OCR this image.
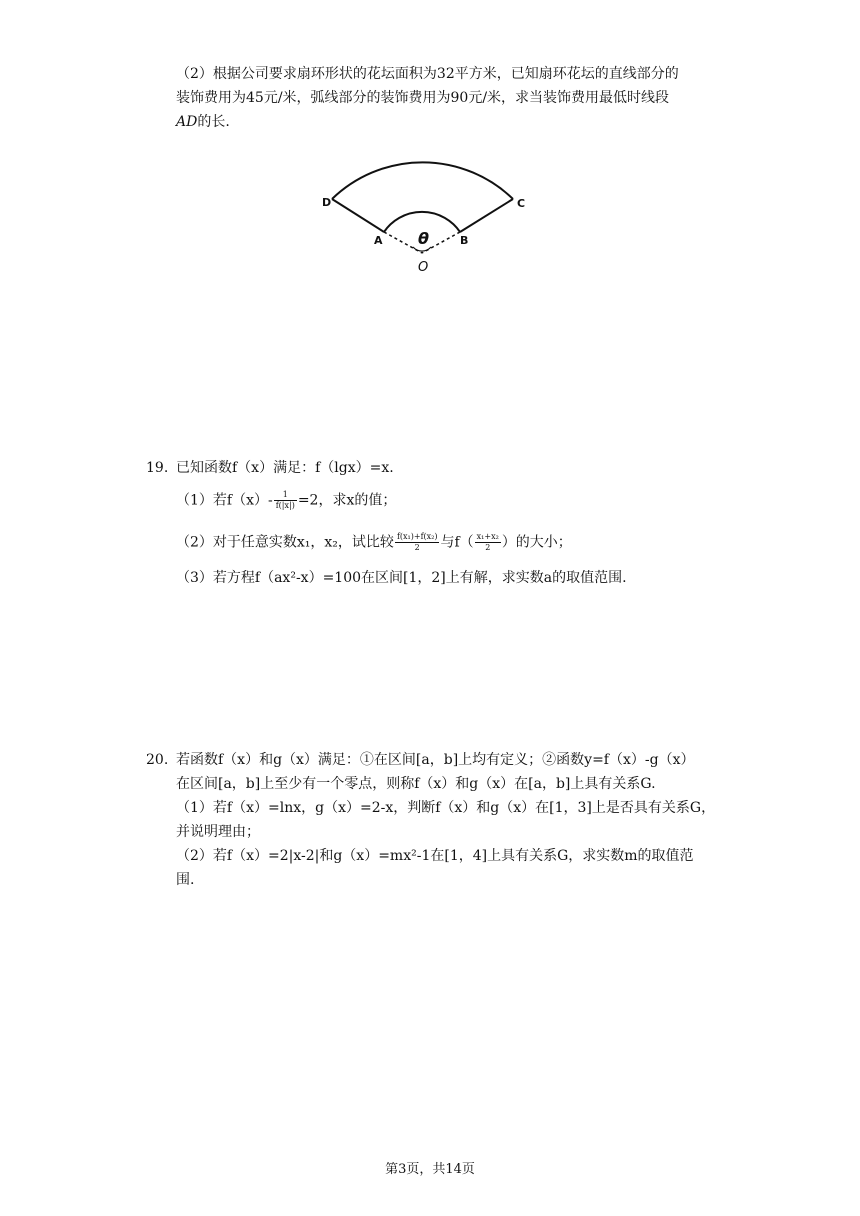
（2）根据公司要求扇环形状的花坛面积为32平方米，已知扇环花坛的直线部分的
装饰费用为45元/米，弧线部分的装饰费用为90元/米，求当装饰费用最低时线段
AD的长.
D	C
A	B
θ
O
19. 已知函数f（x）满足：f（lgx）=x.
（1）若$f(x)- \frac{1}{f(|x|)} =2$，求x的值；
（2）对于任意实数x₁，x₂，试比较 $\frac{\text{f(x₁)+f(x₂)}}{2}$ 与$f( \frac{\text{x₁+x₂}}{2}$ ）的大小；
（3）若方程f（ax²-x）=100在区间[1，2]上有解，求实数a的取值范围.
20. 若函数f（x）和g（x）满足：①在区间[a，b]上均有定义；②函数y=f（x）-g（x）
在区间[a，b]上至少有一个零点，则称f（x）和g（x）在[a，b]上具有关系G.
（1）若f（x）=lnx，g（x）=2-x，判断f（x）和g（x）在[1，3]上是否具有关系G，
并说明理由；
（2）若f（x）=2|x-2|和g（x）=mx²-1在[1，4]上具有关系G，求实数m的取值范
围.
第3页，共14页
